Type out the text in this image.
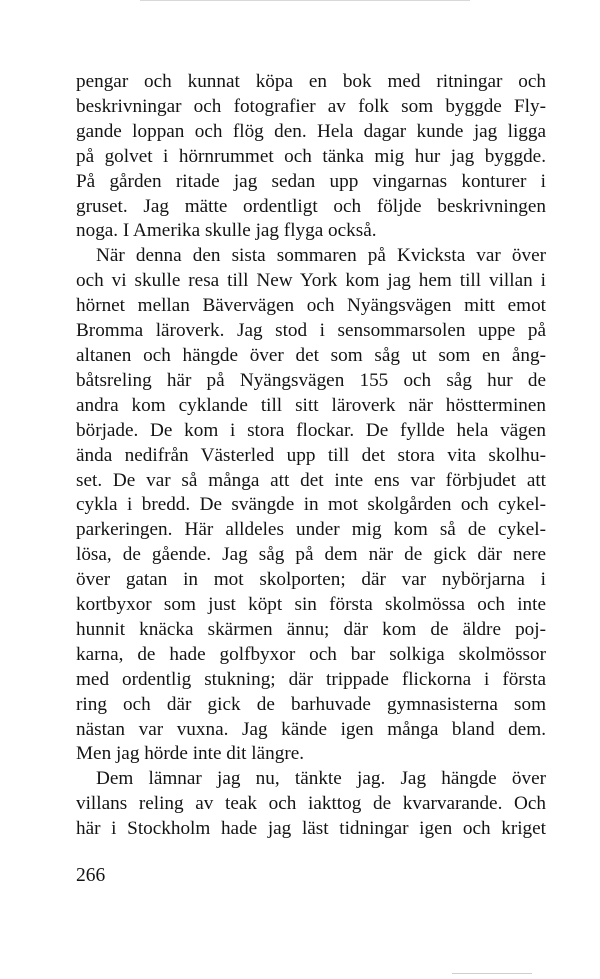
pengar och kunnat köpa en bok med ritningar och
beskrivningar och fotografier av folk som byggde Fly-
gande loppan och flög den. Hela dagar kunde jag ligga
på golvet i hörnrummet och tänka mig hur jag byggde.
På gården ritade jag sedan upp vingarnas konturer i
gruset. Jag mätte ordentligt och följde beskrivningen
noga. I Amerika skulle jag flyga också.

När denna den sista sommaren på Kvicksta var över
och vi skulle resa till New York kom jag hem till villan i
hörnet mellan Bävervägen och Nyängsvägen mitt emot
Bromma läroverk. Jag stod i sensommarsolen uppe på
altanen och hängde över det som såg ut som en ång-
båtsreling här på Nyängsvägen 155 och såg hur de
andra kom cyklande till sitt läroverk när höstterminen
började. De kom i stora flockar. De fyllde hela vägen
ända nedifrån Västerled upp till det stora vita skolhu-
set. De var så många att det inte ens var förbjudet att
cykla i bredd. De svängde in mot skolgården och cykel-
parkeringen. Här alldeles under mig kom så de cykel-
lösa, de gående. Jag såg på dem när de gick där nere
över gatan in mot skolporten; där var nybörjarna i
kortbyxor som just köpt sin första skolmössa och inte
hunnit knäcka skärmen ännu; där kom de äldre poj-
karna, de hade golfbyxor och bar solkiga skolmössor
med ordentlig stukning; där trippade flickorna i första
ring och där gick de barhuvade gymnasisterna som
nästan var vuxna. Jag kände igen många bland dem.
Men jag hörde inte dit längre.

Dem lämnar jag nu, tänkte jag. Jag hängde över
villans reling av teak och iakttog de kvarvarande. Och
här i Stockholm hade jag läst tidningar igen och kriget

266
